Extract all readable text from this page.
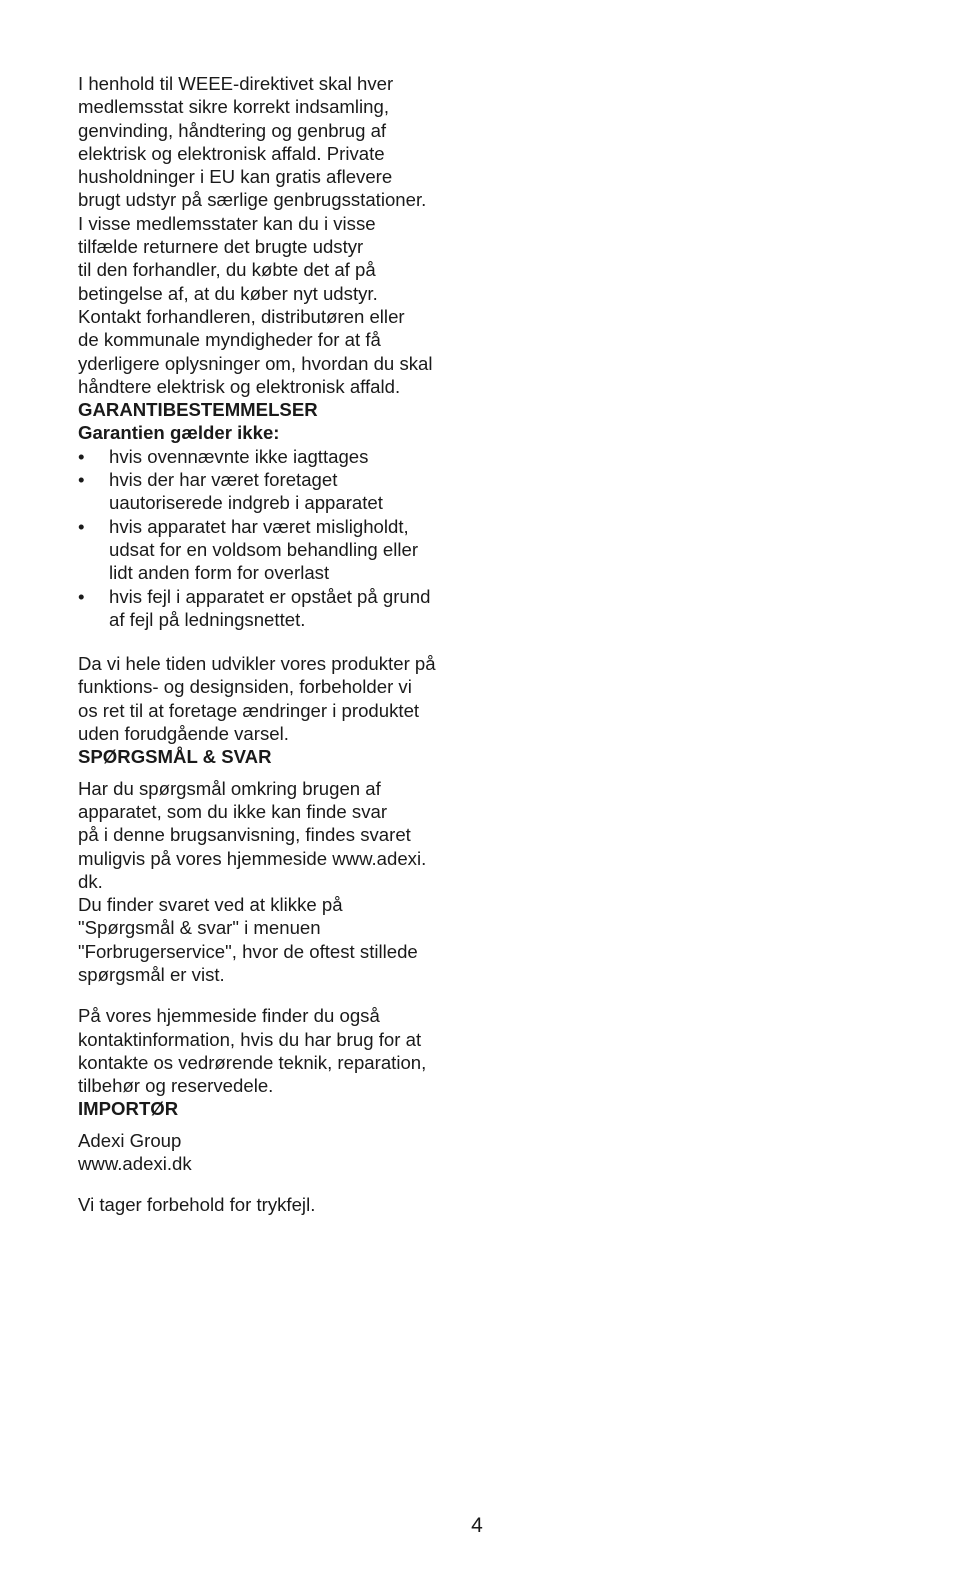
I henhold til WEEE-direktivet skal hver
medlemsstat sikre korrekt indsamling,
genvinding, håndtering og genbrug af
elektrisk og elektronisk affald. Private
husholdninger i EU kan gratis aflevere
brugt udstyr på særlige genbrugsstationer.
I visse medlemsstater kan du i visse
tilfælde returnere det brugte udstyr
til den forhandler, du købte det af på
betingelse af, at du køber nyt udstyr.
Kontakt forhandleren, distributøren eller
de kommunale myndigheder for at få
yderligere oplysninger om, hvordan du skal
håndtere elektrisk og elektronisk affald.

GARANTIBESTEMMELSER

Garantien gælder ikke:

• hvis ovennævnte ikke iagttages
• hvis der har været foretaget
uautoriserede indgreb i apparatet
• hvis apparatet har været misligholdt,
udsat for en voldsom behandling eller
lidt anden form for overlast
• hvis fejl i apparatet er opstået på grund
af fejl på ledningsnettet.

Da vi hele tiden udvikler vores produkter på
funktions- og designsiden, forbeholder vi
os ret til at foretage ændringer i produktet
uden forudgående varsel.

SPØRGSMÅL & SVAR

Har du spørgsmål omkring brugen af
apparatet, som du ikke kan finde svar
på i denne brugsanvisning, findes svaret
muligvis på vores hjemmeside www.adexi.
dk.
Du finder svaret ved at klikke på
"Spørgsmål & svar" i menuen
"Forbrugerservice", hvor de oftest stillede
spørgsmål er vist.

På vores hjemmeside finder du også
kontaktinformation, hvis du har brug for at
kontakte os vedrørende teknik, reparation,
tilbehør og reservedele.

IMPORTØR

Adexi Group

www.adexi.dk

Vi tager forbehold for trykfejl.

4
